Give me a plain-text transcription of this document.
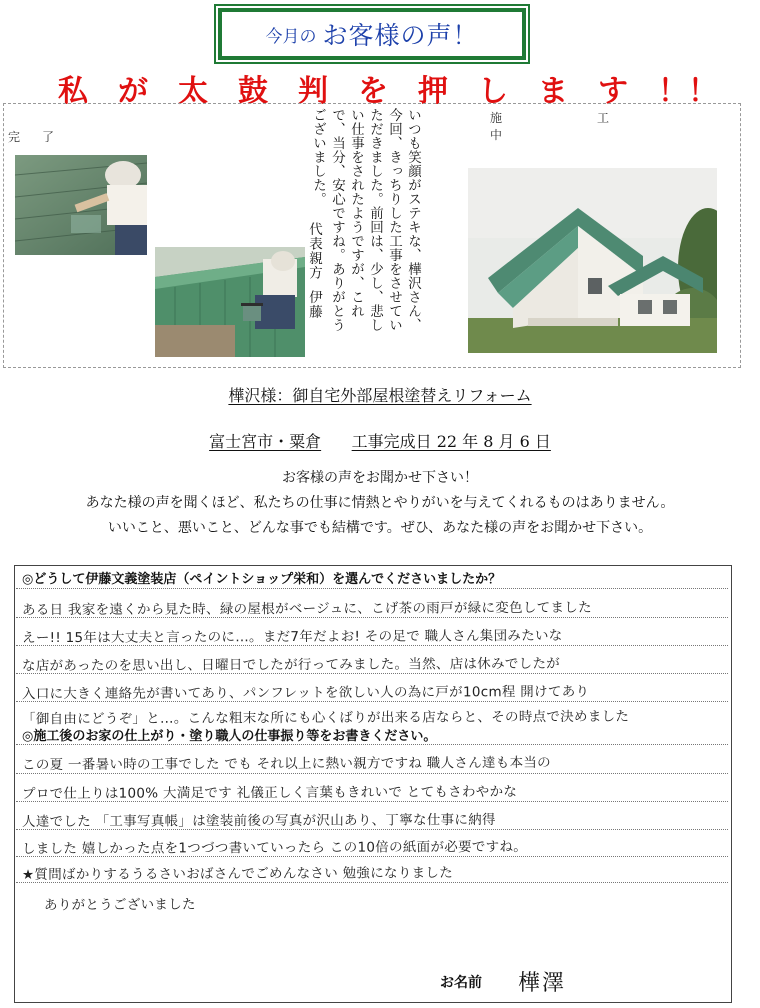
今月の お客様の声！
私 が 太 鼓 判 を 押 し ま す ！！
完了
施工中
いつも笑顔がステキな、樺沢さん、今回、きっちりした工事をさせていただきました。前回は、少し、悲しい仕事をされたようですが、これで、当分、安心ですね。ありがとうございました。
代表親方伊藤
樺沢様：御自宅外部屋根塗替えリフォーム
富士宮市・粟倉 工事完成日 22 年 8 月 6 日
お客様の声をお聞かせ下さい！
あなた様の声を聞くほど、私たちの仕事に情熱とやりがいを与えてくれるものはありません。
いいこと、悪いこと、どんな事でも結構です。ぜひ、あなた様の声をお聞かせ下さい。
◎どうして伊藤文義塗装店（ペイントショップ栄和）を選んでくださいましたか？
ある日 我家を遠くから見た時、緑の屋根がベージュに、こげ茶の雨戸が緑に変色してました
えー!! 15年は大丈夫と言ったのに…。まだ7年だよお! その足で 職人さん集団みたいな
な店があったのを思い出し、日曜日でしたが行ってみました。当然、店は休みでしたが
入口に大きく連絡先が書いてあり、パンフレットを欲しい人の為に戸が10cm程 開けてあり
「御自由にどうぞ」と…。こんな粗末な所にも心くばりが出来る店ならと、その時点で決めました
◎施工後のお家の仕上がり・塗り職人の仕事振り等をお書きください。
この夏 一番暑い時の工事でした でも それ以上に熱い親方ですね 職人さん達も本当の
プロで仕上りは100% 大満足です 礼儀正しく言葉もきれいで とてもさわやかな
人達でした 「工事写真帳」は塗装前後の写真が沢山あり、丁寧な仕事に納得
しました 嬉しかった点を1つづつ書いていったら この10倍の紙面が必要ですね。
★質問ばかりするうるさいおばさんでごめんなさい 勉強になりました
ありがとうございました
お名前 樺澤
